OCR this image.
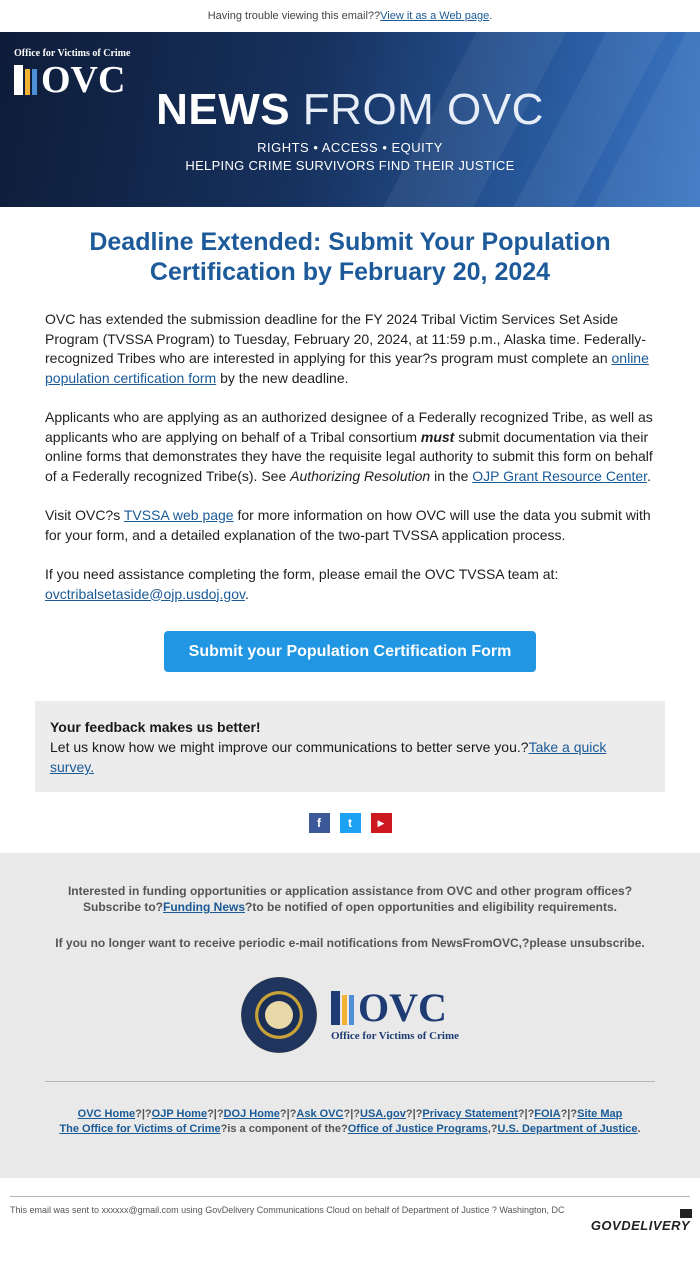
Having trouble viewing this email?? View it as a Web page .
Office for Victims of Crime
OVC
NEWS FROM OVC
RIGHTS • ACCESS • EQUITY
HELPING CRIME SURVIVORS FIND THEIR JUSTICE
Deadline Extended: Submit Your Population Certification by February 20, 2024

OVC has extended the submission deadline for the FY 2024 Tribal Victim Services Set Aside Program (TVSSA Program) to Tuesday, February 20, 2024, at 11:59 p.m., Alaska time. Federally-recognized Tribes who are interested in applying for this year?s program must complete an online population certification form by the new deadline.

Applicants who are applying as an authorized designee of a Federally recognized Tribe, as well as applicants who are applying on behalf of a Tribal consortium must submit documentation via their online forms that demonstrates they have the requisite legal authority to submit this form on behalf of a Federally recognized Tribe(s). See Authorizing Resolution in the OJP Grant Resource Center.

Visit OVC?s TVSSA web page for more information on how OVC will use the data you submit with for your form, and a detailed explanation of the two-part TVSSA application process.

If you need assistance completing the form, please email the OVC TVSSA team at: ovctribalsetaside@ojp.usdoj.gov.

Submit your Population Certification Form
Your feedback makes us better!
Let us know how we might improve our communications to better serve you.?Take a quick survey.
f	t	▶

Interested in funding opportunities or application assistance from OVC and other program offices? Subscribe to?Funding News?to be notified of open opportunities and eligibility requirements.

If you no longer want to receive periodic e-mail notifications from NewsFromOVC,?please unsubscribe.

OVC
Office for Victims of Crime
OVC Home?|?OJP Home?|?DOJ Home?|?Ask OVC?|?USA.gov?|?Privacy Statement?|?FOIA?|?Site Map
The Office for Victims of Crime?is a component of the?Office of Justice Programs,?U.S. Department of Justice.
This email was sent to xxxxxx@gmail.com using GovDelivery Communications Cloud on behalf of Department of Justice ? Washington, DC
GOVDELIVERY
